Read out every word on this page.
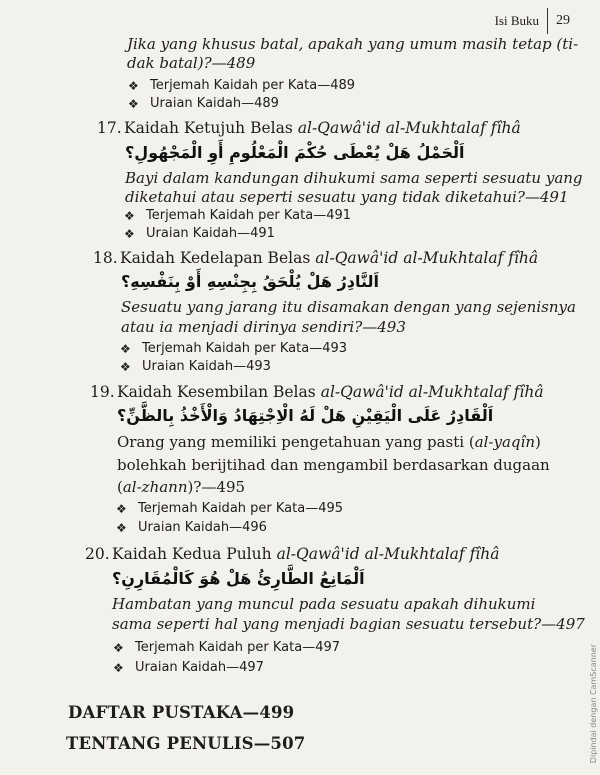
Isi Buku	29
Jika yang khusus batal, apakah yang umum masih tetap (ti-
dak batal)?—489
❖ Terjemah Kaidah per Kata—489
❖ Uraian Kaidah—489
17. Kaidah Ketujuh Belas al-Qawâ'id al-Mukhtalaf fîhâ
اَلْحَمْلُ هَلْ يُعْطَى حُكْمَ الْمَعْلُومِ أَوِ الْمَجْهُولِ؟
Bayi dalam kandungan dihukumi sama seperti sesuatu yang
diketahui atau seperti sesuatu yang tidak diketahui?—491
❖ Terjemah Kaidah per Kata—491
❖ Uraian Kaidah—491
18. Kaidah Kedelapan Belas al-Qawâ'id al-Mukhtalaf fîhâ
اَلنَّادِرُ هَلْ يُلْحَقُ بِجِنْسِهِ أَوْ بِنَفْسِهِ؟
Sesuatu yang jarang itu disamakan dengan yang sejenisnya
atau ia menjadi dirinya sendiri?—493
❖ Terjemah Kaidah per Kata—493
❖ Uraian Kaidah—493
19. Kaidah Kesembilan Belas al-Qawâ'id al-Mukhtalaf fîhâ
اَلْقَادِرُ عَلَى الْيَقِيْنِ هَلْ لَهُ الْاِجْتِهَادُ وَالْأَخْذُ بِالظَّنِّ؟
Orang yang memiliki pengetahuan yang pasti (al-yaqîn)
bolehkah berijtihad dan mengambil berdasarkan dugaan
(al-zhann)?—495
❖ Terjemah Kaidah per Kata—495
❖ Uraian Kaidah—496
20. Kaidah Kedua Puluh al-Qawâ'id al-Mukhtalaf fîhâ
اَلْمَانِعُ الطَّارِئُ هَلْ هُوَ كَالْمُقَارِنِ؟
Hambatan yang muncul pada sesuatu apakah dihukumi
sama seperti hal yang menjadi bagian sesuatu tersebut?—497
❖ Terjemah Kaidah per Kata—497
❖ Uraian Kaidah—497
DAFTAR PUSTAKA—499
TENTANG PENULIS—507	Dipindai dengan CamScanner
